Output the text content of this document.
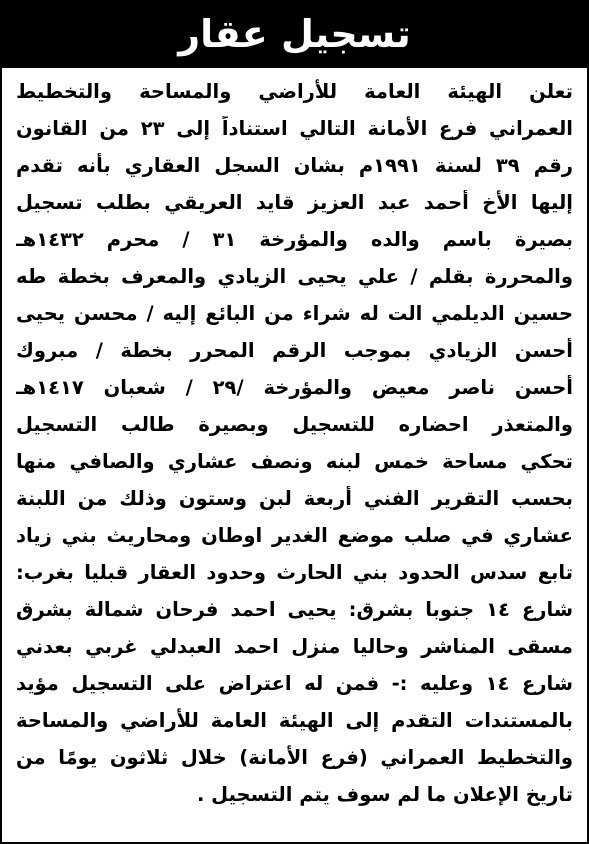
تسجيل عقار
تعلن الهيئة العامة للأراضي والمساحة والتخطيط
العمراني فرع الأمانة التالي استناداً إلى ٢٣ من القانون
رقم ٣٩ لسنة ١٩٩١م بشان السجل العقاري بأنه تقدم
إليها الأخ أحمد عبد العزيز قايد العريقي بطلب تسجيل
بصيرة باسم والده والمؤرخة ٣١ / محرم ١٤٣٢هـ
والمحررة بقلم / علي يحيى الزيادي والمعرف بخطة طه
حسين الديلمي الت له شراء من البائع إليه / محسن يحيى
أحسن الزيادي بموجب الرقم المحرر بخطة / مبروك
أحسن ناصر معيض والمؤرخة /٢٩ / شعبان ١٤١٧هـ
والمتعذر احضاره للتسجيل وبصيرة طالب التسجيل
تحكي مساحة خمس لبنه ونصف عشاري والصافي منها
بحسب التقرير الفني أربعة لبن وستون وذلك من اللبنة
عشاري في صلب موضع الغدير اوطان ومحاريث بني زياد
تابع سدس الحدود بني الحارث وحدود العقار قبليا بغرب:
شارع ١٤ جنوبا بشرق: يحيى احمد فرحان شمالة بشرق
مسقى المناشر وحاليا منزل احمد العبدلي غربي بعدني
شارع ١٤ وعليه :- فمن له اعتراض على التسجيل مؤيد
بالمستندات التقدم إلى الهيئة العامة للأراضي والمساحة
والتخطيط العمراني (فرع الأمانة) خلال ثلاثون يومًا من
تاريخ الإعلان ما لم سوف يتم التسجيل .
